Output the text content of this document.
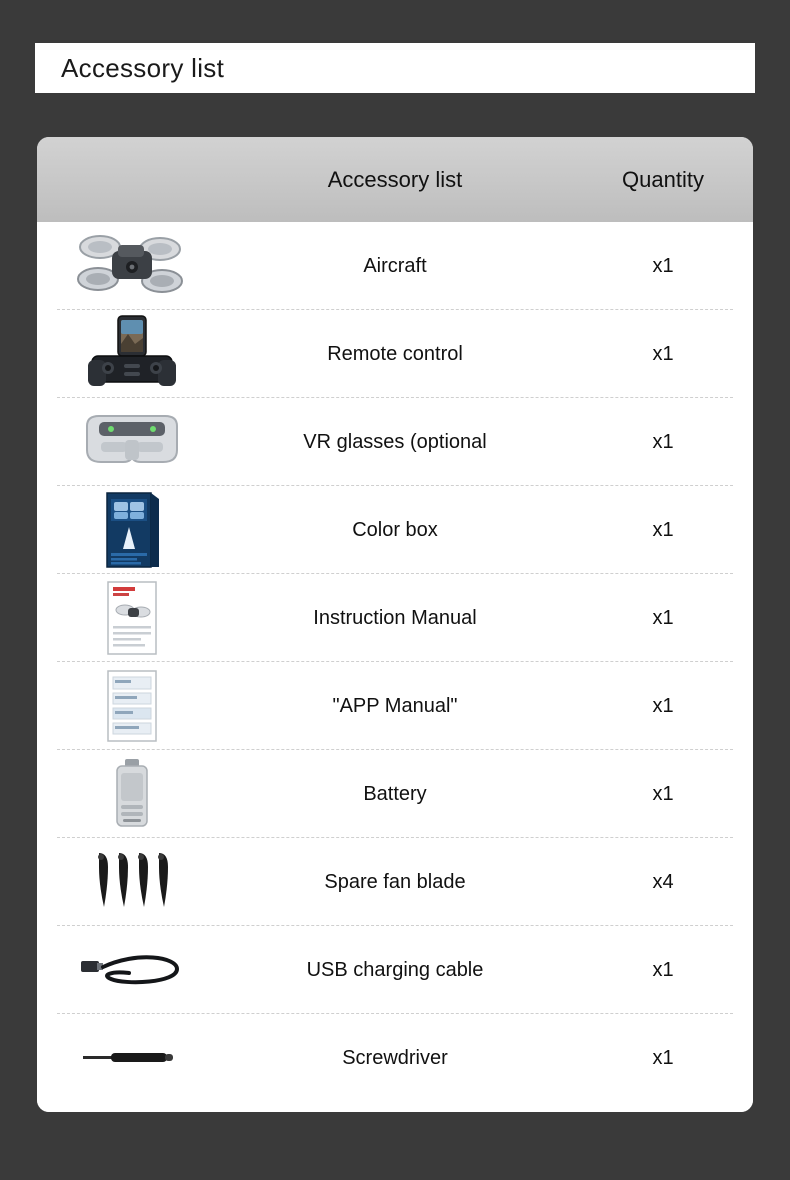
Accessory list
Accessory list	Quantity
Aircraft	x1
Remote control	x1
VR glasses (optional	x1
Color box	x1
Instruction Manual	x1
"APP Manual"	x1
Battery	x1
Spare fan blade	x4
USB charging cable	x1
Screwdriver	x1
